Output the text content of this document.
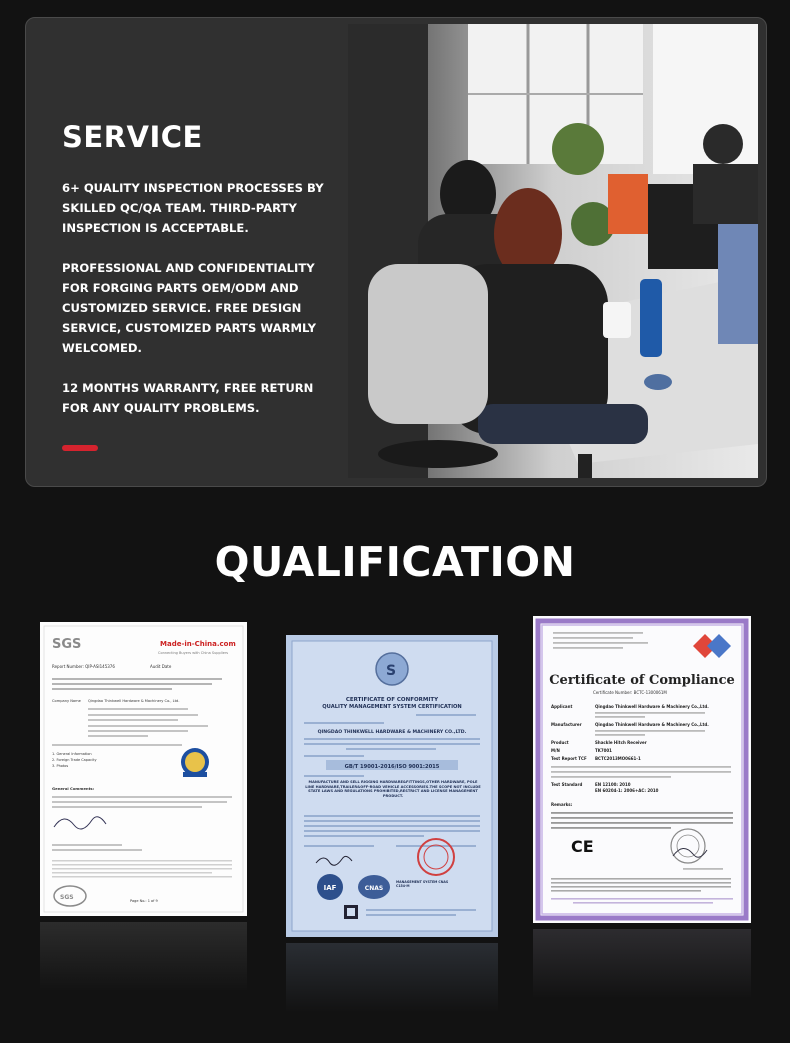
SERVICE

6+ QUALITY INSPECTION PROCESSES BY SKILLED QC/QA TEAM. THIRD-PARTY INSPECTION IS ACCEPTABLE.

PROFESSIONAL AND CONFIDENTIALITY FOR FORGING PARTS OEM/ODM AND CUSTOMIZED SERVICE. FREE DESIGN SERVICE, CUSTOMIZED PARTS WARMLY WELCOMED.

12 MONTHS WARRANTY, FREE RETURN FOR ANY QUALITY PROBLEMS.

QUALIFICATION
SGS	Made-in-China.com
Connecting Buyers with China Suppliers
Report Number: QIP-ASI145376	Audit Date
Company Name Qingdao Thinkwell Hardware & Machinery Co., Ltd.
1. General Information
2. Foreign Trade Capacity
3. Photos
General Comments:
SGS	Page No.: 1 of 9
S
CERTIFICATE OF CONFORMITY
QUALITY MANAGEMENT SYSTEM CERTIFICATION
QINGDAO THINKWELL HARDWARE & MACHINERY CO.,LTD.
GB/T 19001-2016/ISO 9001:2015
MANUFACTURE AND SELL RIGGING HARDWARE&FITTINGS,OTHER HARDWARE, POLE LINE HARDWARE,TRAILER&OFF-ROAD VEHICLE ACCESSORIES.THE SCOPE NOT INCLUDE STATE LAWS AND REGULATIONS PROHIBITED,RESTRICT AND LICENSE MANAGEMENT PRODUCT.
IAF	CNAS
MANAGEMENT SYSTEM CNAS C154-M
Certificate of Compliance
Certificate Number: BCTC-1300061M
Applicant	Qingdao Thinkwell Hardware & Machinery Co.,Ltd.
Manufacturer	Qingdao Thinkwell Hardware & Machinery Co.,Ltd.
Product	Shackle Hitch Receiver
M/N	TK7001
Test Report TCF BCTC2013MO0661-1
Test Standard	EN 12100: 2010
EN 60204-1: 2006+AC: 2010
Remarks:
CE
